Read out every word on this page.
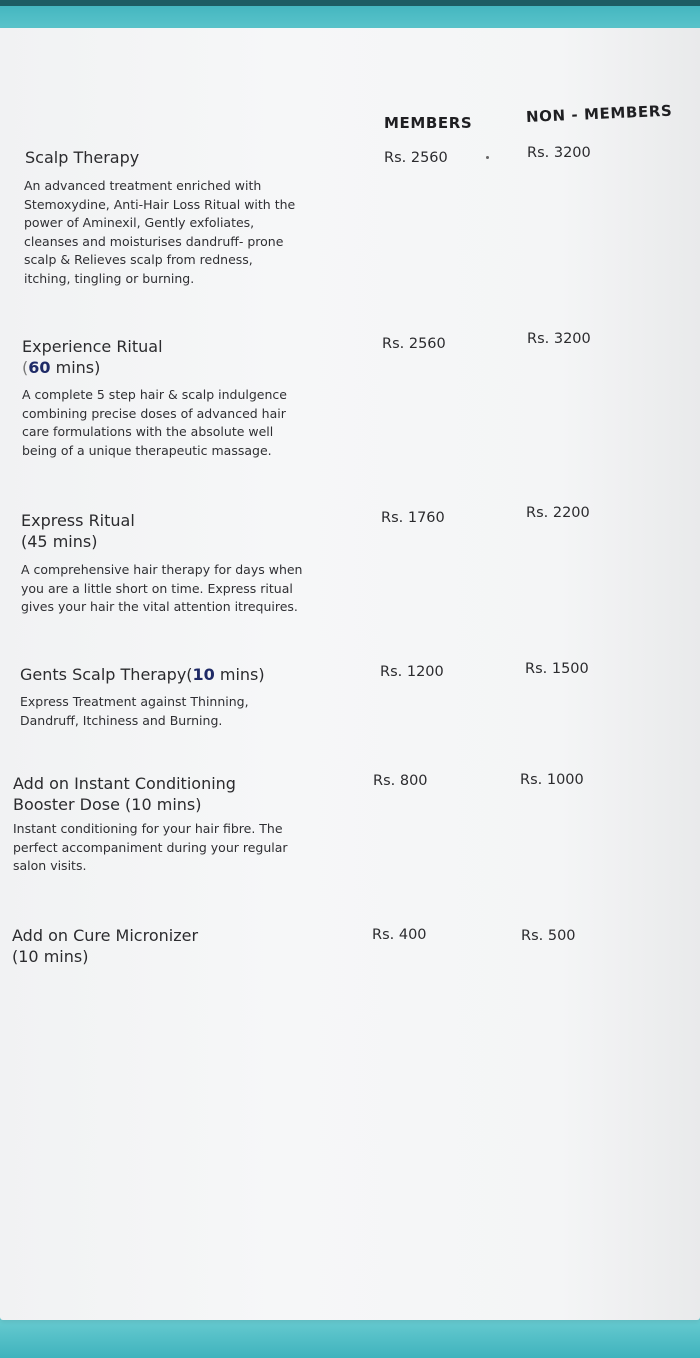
MEMBERS	NON - MEMBERS
Scalp Therapy
An advanced treatment enriched with
Stemoxydine, Anti-Hair Loss Ritual with the
power of Aminexil, Gently exfoliates,
cleanses and moisturises dandruff- prone
scalp & Relieves scalp from redness,
itching, tingling or burning.
Rs. 2560	Rs. 3200
Experience Ritual
(60 mins)
A complete 5 step hair & scalp indulgence
combining precise doses of advanced hair
care formulations with the absolute well
being of a unique therapeutic massage.
Rs. 2560	Rs. 3200
Express Ritual
(45 mins)
A comprehensive hair therapy for days when
you are a little short on time. Express ritual
gives your hair the vital attention itrequires.
Rs. 1760	Rs. 2200
Gents Scalp Therapy(10 mins)
Express Treatment against Thinning,
Dandruff, Itchiness and Burning.
Rs. 1200	Rs. 1500
Add on Instant Conditioning
Booster Dose (10 mins)
Instant conditioning for your hair fibre. The
perfect accompaniment during your regular
salon visits.
Rs. 800	Rs. 1000
Add on Cure Micronizer
(10 mins)
Rs. 400	Rs. 500
